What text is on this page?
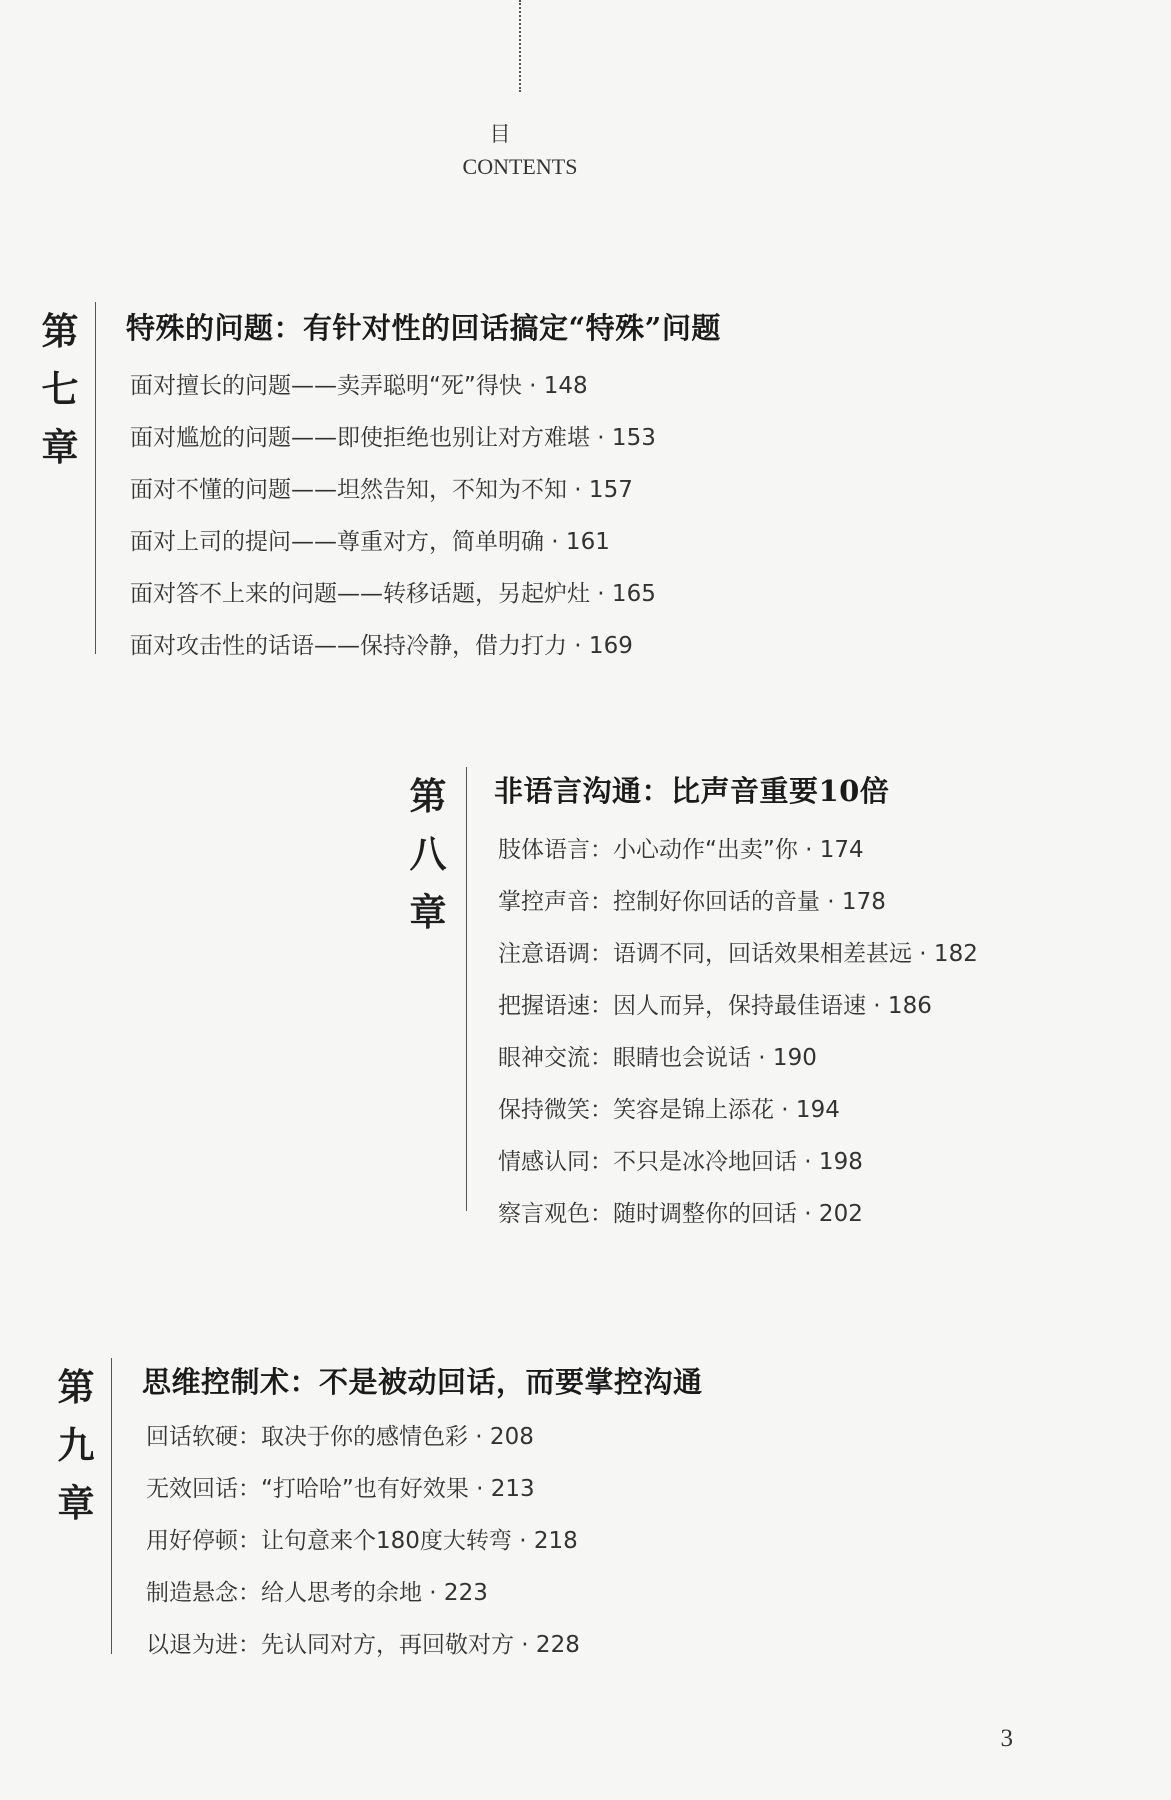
目
CONTENTS
第
七
章
特殊的问题：有针对性的回话搞定“特殊”问题
面对擅长的问题——卖弄聪明“死”得快 · 148
面对尴尬的问题——即使拒绝也别让对方难堪 · 153
面对不懂的问题——坦然告知，不知为不知 · 157
面对上司的提问——尊重对方，简单明确 · 161
面对答不上来的问题——转移话题，另起炉灶 · 165
面对攻击性的话语——保持冷静，借力打力 · 169
第
八
章
非语言沟通：比声音重要10倍
肢体语言：小心动作“出卖”你 · 174
掌控声音：控制好你回话的音量 · 178
注意语调：语调不同，回话效果相差甚远 · 182
把握语速：因人而异，保持最佳语速 · 186
眼神交流：眼睛也会说话 · 190
保持微笑：笑容是锦上添花 · 194
情感认同：不只是冰冷地回话 · 198
察言观色：随时调整你的回话 · 202
第
九
章
思维控制术：不是被动回话，而要掌控沟通
回话软硬：取决于你的感情色彩 · 208
无效回话：“打哈哈”也有好效果 · 213
用好停顿：让句意来个180度大转弯 · 218
制造悬念：给人思考的余地 · 223
以退为进：先认同对方，再回敬对方 · 228
3
